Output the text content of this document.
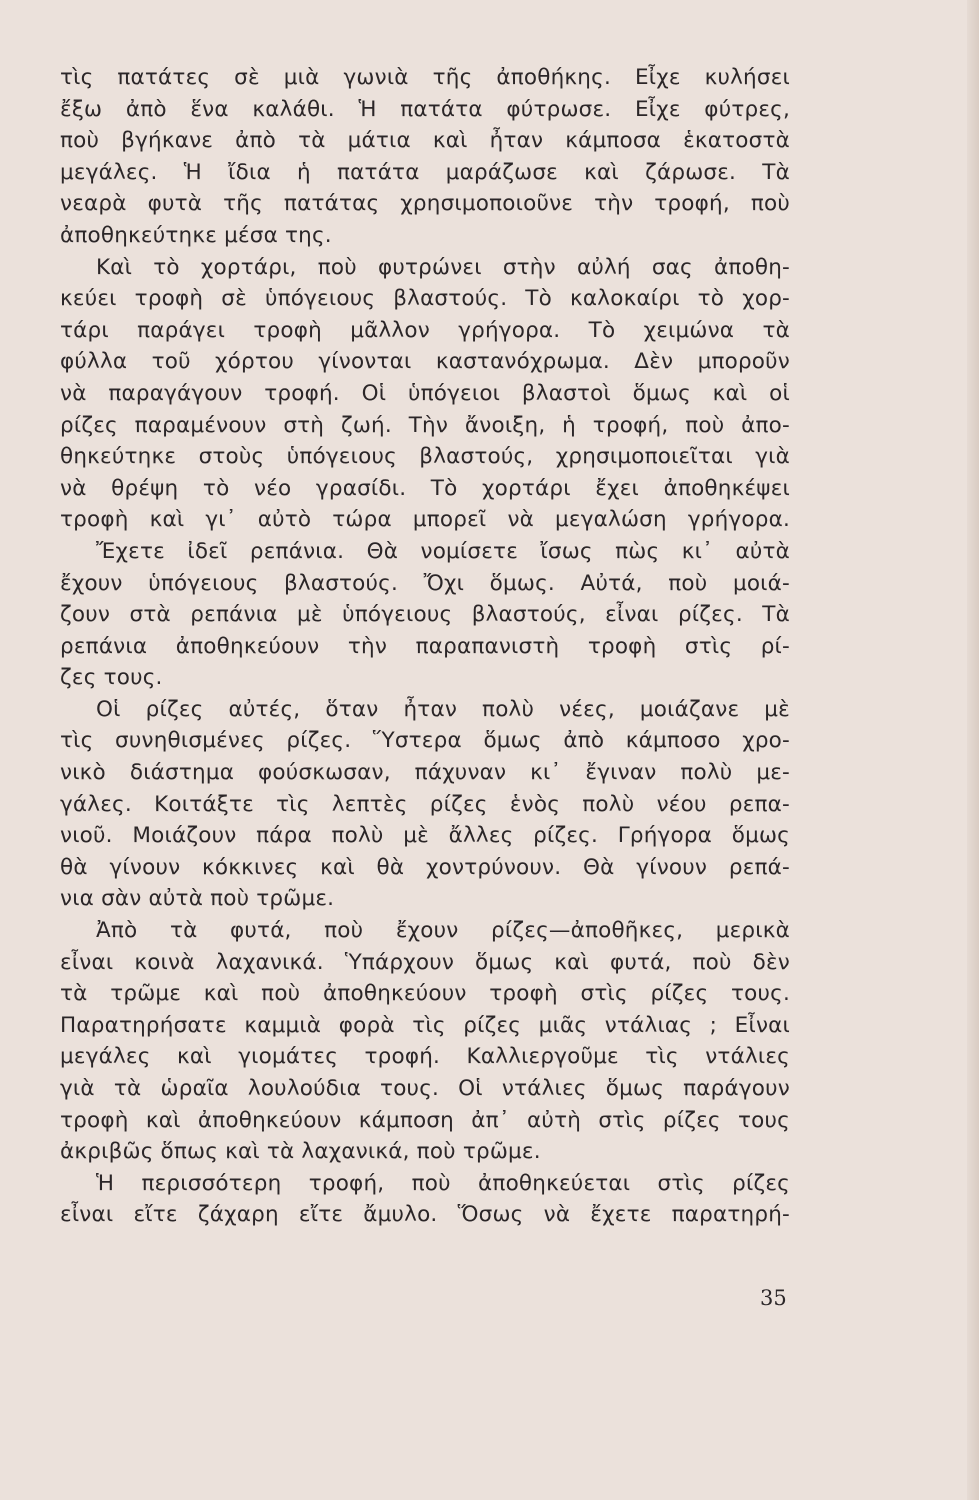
τὶς πατάτες σὲ μιὰ γωνιὰ τῆς ἀποθήκης. Εἶχε κυλήσει
ἔξω ἀπὸ ἕνα καλάθι. Ἡ πατάτα φύτρωσε. Εἶχε φύτρες,
ποὺ βγήκανε ἀπὸ τὰ μάτια καὶ ἦταν κάμποσα ἑκατοστὰ
μεγάλες. Ἡ ἴδια ἡ πατάτα μαράζωσε καὶ ζάρωσε. Τὰ
νεαρὰ φυτὰ τῆς πατάτας χρησιμοποιοῦνε τὴν τροφή, ποὺ
ἀποθηκεύτηκε μέσα της.
Καὶ τὸ χορτάρι, ποὺ φυτρώνει στὴν αὐλή σας ἀποθη-
κεύει τροφὴ σὲ ὑπόγειους βλαστούς. Τὸ καλοκαίρι τὸ χορ-
τάρι παράγει τροφὴ μᾶλλον γρήγορα. Τὸ χειμώνα τὰ
φύλλα τοῦ χόρτου γίνονται καστανόχρωμα. Δὲν μποροῦν
νὰ παραγάγουν τροφή. Οἱ ὑπόγειοι βλαστοὶ ὅμως καὶ οἱ
ρίζες παραμένουν στὴ ζωή. Τὴν ἄνοιξη, ἡ τροφή, ποὺ ἀπο-
θηκεύτηκε στοὺς ὑπόγειους βλαστούς, χρησιμοποιεῖται γιὰ
νὰ θρέψη τὸ νέο γρασίδι. Τὸ χορτάρι ἔχει ἀποθηκέψει
τροφὴ καὶ γι᾽ αὐτὸ τώρα μπορεῖ νὰ μεγαλώση γρήγορα.
Ἔχετε ἰδεῖ ρεπάνια. Θὰ νομίσετε ἴσως πὼς κι᾽ αὐτὰ
ἔχουν ὑπόγειους βλαστούς. Ὄχι ὅμως. Αὐτά, ποὺ μοιά-
ζουν στὰ ρεπάνια μὲ ὑπόγειους βλαστούς, εἶναι ρίζες. Τὰ
ρεπάνια ἀποθηκεύουν τὴν παραπανιστὴ τροφὴ στὶς ρί-
ζες τους.
Οἱ ρίζες αὐτές, ὅταν ἦταν πολὺ νέες, μοιάζανε μὲ
τὶς συνηθισμένες ρίζες. Ὕστερα ὅμως ἀπὸ κάμποσο χρο-
νικὸ διάστημα φούσκωσαν, πάχυναν κι᾽ ἔγιναν πολὺ με-
γάλες. Κοιτάξτε τὶς λεπτὲς ρίζες ἑνὸς πολὺ νέου ρεπα-
νιοῦ. Μοιάζουν πάρα πολὺ μὲ ἄλλες ρίζες. Γρήγορα ὅμως
θὰ γίνουν κόκκινες καὶ θὰ χοντρύνουν. Θὰ γίνουν ρεπά-
νια σὰν αὐτὰ ποὺ τρῶμε.
Ἀπὸ τὰ φυτά, ποὺ ἔχουν ρίζες—ἀποθῆκες, μερικὰ
εἶναι κοινὰ λαχανικά. Ὑπάρχουν ὅμως καὶ φυτά, ποὺ δὲν
τὰ τρῶμε καὶ ποὺ ἀποθηκεύουν τροφὴ στὶς ρίζες τους.
Παρατηρήσατε καμμιὰ φορὰ τὶς ρίζες μιᾶς ντάλιας ; Εἶναι
μεγάλες καὶ γιομάτες τροφή. Καλλιεργοῦμε τὶς ντάλιες
γιὰ τὰ ὡραῖα λουλούδια τους. Οἱ ντάλιες ὅμως παράγουν
τροφὴ καὶ ἀποθηκεύουν κάμποση ἀπ᾽ αὐτὴ στὶς ρίζες τους
ἀκριβῶς ὅπως καὶ τὰ λαχανικά, ποὺ τρῶμε.
Ἡ περισσότερη τροφή, ποὺ ἀποθηκεύεται στὶς ρίζες
εἶναι εἴτε ζάχαρη εἴτε ἄμυλο. Ὅσως νὰ ἔχετε παρατηρή-
35
